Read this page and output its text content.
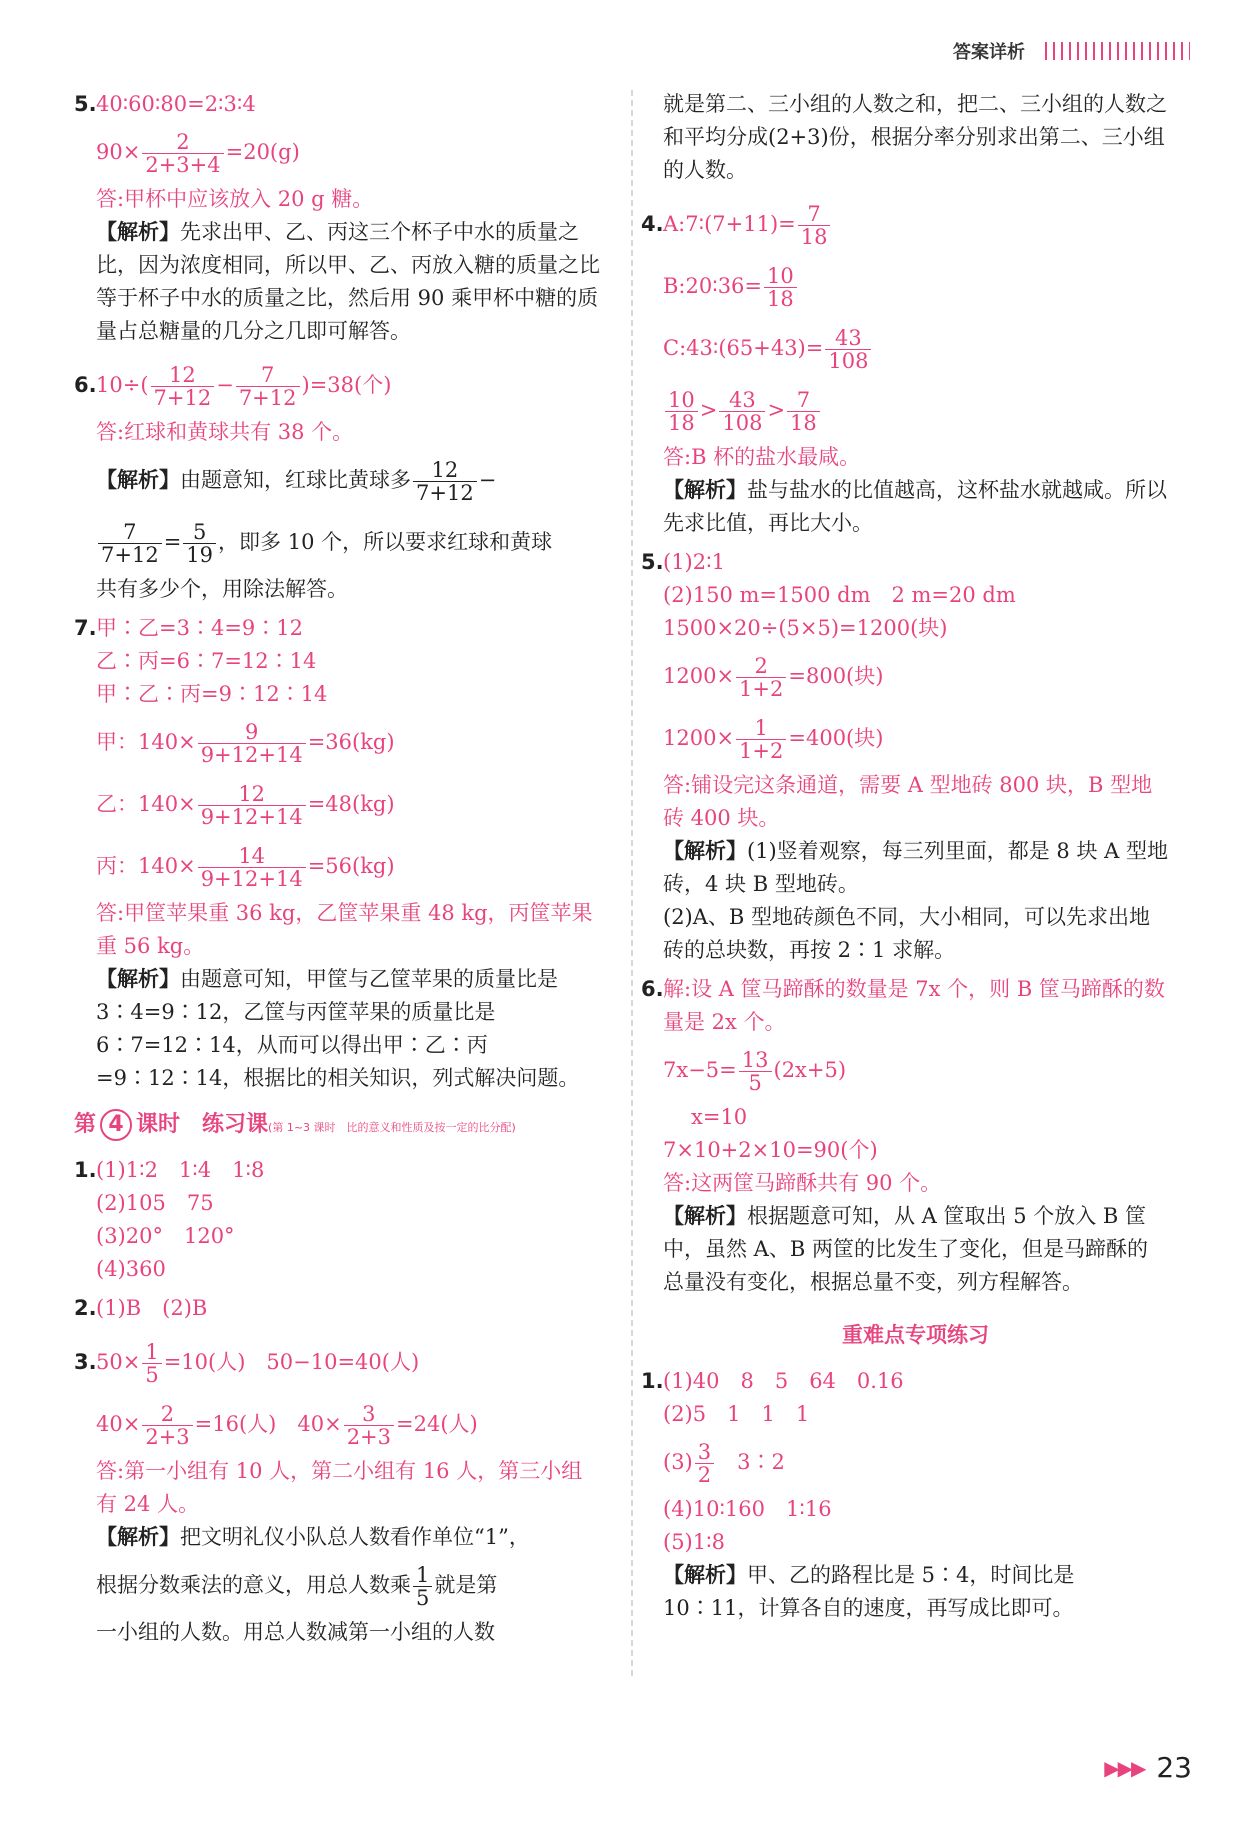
答案详析
5. 40∶60∶80=2∶3∶4
$90\times \frac{2}{2+3+4} =20(g)$
答:甲杯中应该放入 20 g 糖。
【解析】先求出甲、乙、丙这三个杯子中水的质量之比，因为浓度相同，所以甲、乙、丙放入糖的质量之比等于杯子中水的质量之比，然后用 90 乘甲杯中糖的质量占总糖量的几分之几即可解答。
6. $10\div( \frac{12}{7+12} - \frac{7}{7+12} )=38$(个)
答:红球和黄球共有 38 个。
【解析】由题意知，红球比黄球多 $\frac{12}{7+12}$ −
$\frac{7}{7+12} = \frac{5}{19}$ ，即多 10 个，所以要求红球和黄球
共有多少个，用除法解答。
7. 甲∶乙=3∶4=9∶12
乙∶丙=6∶7=12∶14
甲∶乙∶丙=9∶12∶14
甲：$140\times \frac{9}{9+12+14} =36(kg)$
乙：$140\times \frac{12}{9+12+14} =48(kg)$
丙：$140\times \frac{14}{9+12+14} =56(kg)$
答:甲筐苹果重 36 kg，乙筐苹果重 48 kg，丙筐苹果重 56 kg。
【解析】由题意可知，甲筐与乙筐苹果的质量比是 3∶4=9∶12，乙筐与丙筐苹果的质量比是 6∶7=12∶14，从而可以得出甲∶乙∶丙=9∶12∶14，根据比的相关知识，列式解决问题。
第 4 课时　练习课(第 1~3 课时　比的意义和性质及按一定的比分配)
1. (1)1∶2　1∶4　1∶8
(2)105　75
(3)20°　120°
(4)360
2. (1)B　(2)B
3. $50\times \frac{1}{5} =10$(人)　50−10=40(人)
$40\times \frac{2}{2+3} =16$(人)　$40\times \frac{3}{2+3} =24$(人)
答:第一小组有 10 人，第二小组有 16 人，第三小组有 24 人。
【解析】把文明礼仪小队总人数看作单位“1”，
根据分数乘法的意义，用总人数乘 $\frac{1}{5}$ 就是第
一小组的人数。用总人数减第一小组的人数
就是第二、三小组的人数之和，把二、三小组的人数之和平均分成(2+3)份，根据分率分别求出第二、三小组的人数。
4. A:7∶(7+11)= $\frac{7}{18}$
B:20∶36= $\frac{10}{18}$
C:43∶(65+43)= $\frac{43}{108}$
$\frac{10}{18} > \frac{43}{108} > \frac{7}{18}$
答:B 杯的盐水最咸。
【解析】盐与盐水的比值越高，这杯盐水就越咸。所以先求比值，再比大小。
5. (1)2∶1
(2)150 m=1500 dm　2 m=20 dm
1500×20÷(5×5)=1200(块)
$1200\times \frac{2}{1+2} =800$(块)
$1200\times \frac{1}{1+2} =400$(块)
答:铺设完这条通道，需要 A 型地砖 800 块，B 型地砖 400 块。
【解析】(1)竖着观察，每三列里面，都是 8 块 A 型地砖，4 块 B 型地砖。
(2)A、B 型地砖颜色不同，大小相同，可以先求出地砖的总块数，再按 2∶1 求解。
6. 解:设 A 筐马蹄酥的数量是 7x 个，则 B 筐马蹄酥的数量是 2x 个。
$7x-5= \frac{13}{5} (2x+5)$
x=10
7×10+2×10=90(个)
答:这两筐马蹄酥共有 90 个。
【解析】根据题意可知，从 A 筐取出 5 个放入 B 筐中，虽然 A、B 两筐的比发生了变化，但是马蹄酥的总量没有变化，根据总量不变，列方程解答。
重难点专项练习
1. (1)40　8　5　64　0.16
(2)5　1　1　1
$(3) \frac{3}{2}$ 　3∶2
(4)10∶160　1∶16
(5)1∶8
【解析】甲、乙的路程比是 5∶4，时间比是 10∶11，计算各自的速度，再写成比即可。
▶▶▶ 23
